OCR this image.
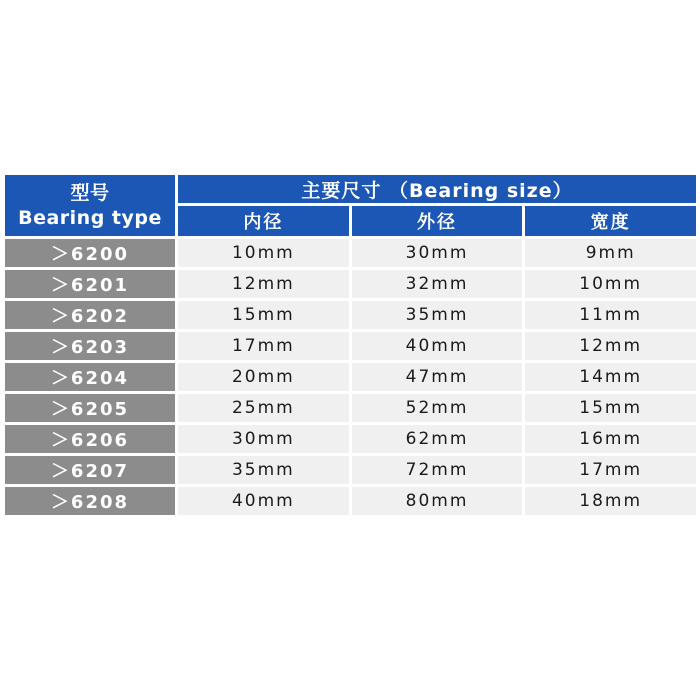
型号
Bearing type
主要尺寸 （Bearing size）
内径	外径	宽度
＞6200	10mm	30mm	9mm
＞6201	12mm	32mm	10mm
＞6202	15mm	35mm	11mm
＞6203	17mm	40mm	12mm
＞6204	20mm	47mm	14mm
＞6205	25mm	52mm	15mm
＞6206	30mm	62mm	16mm
＞6207	35mm	72mm	17mm
＞6208	40mm	80mm	18mm
